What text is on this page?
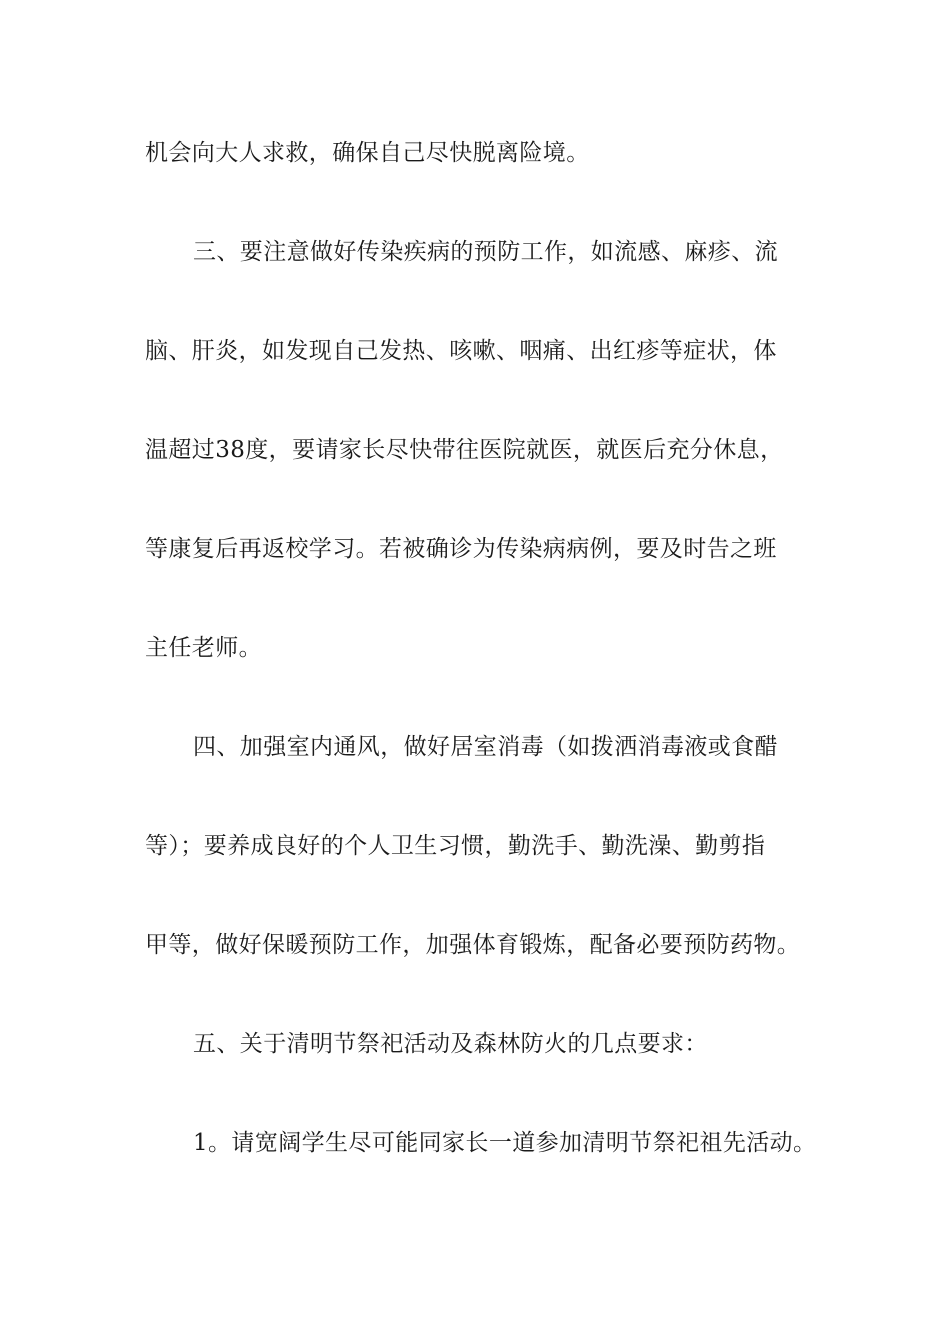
机会向大人求救，确保自己尽快脱离险境。
三、要注意做好传染疾病的预防工作，如流感、麻疹、流
脑、肝炎，如发现自己发热、咳嗽、咽痛、出红疹等症状，体
温超过38度，要请家长尽快带往医院就医，就医后充分休息，
等康复后再返校学习。若被确诊为传染病病例，要及时告之班
主任老师。
四、加强室内通风，做好居室消毒（如拨洒消毒液或食醋
等）；要养成良好的个人卫生习惯，勤洗手、勤洗澡、勤剪指
甲等，做好保暖预防工作，加强体育锻炼，配备必要预防药物。
五、关于清明节祭祀活动及森林防火的几点要求：
1。请宽阔学生尽可能同家长一道参加清明节祭祀祖先活动。
